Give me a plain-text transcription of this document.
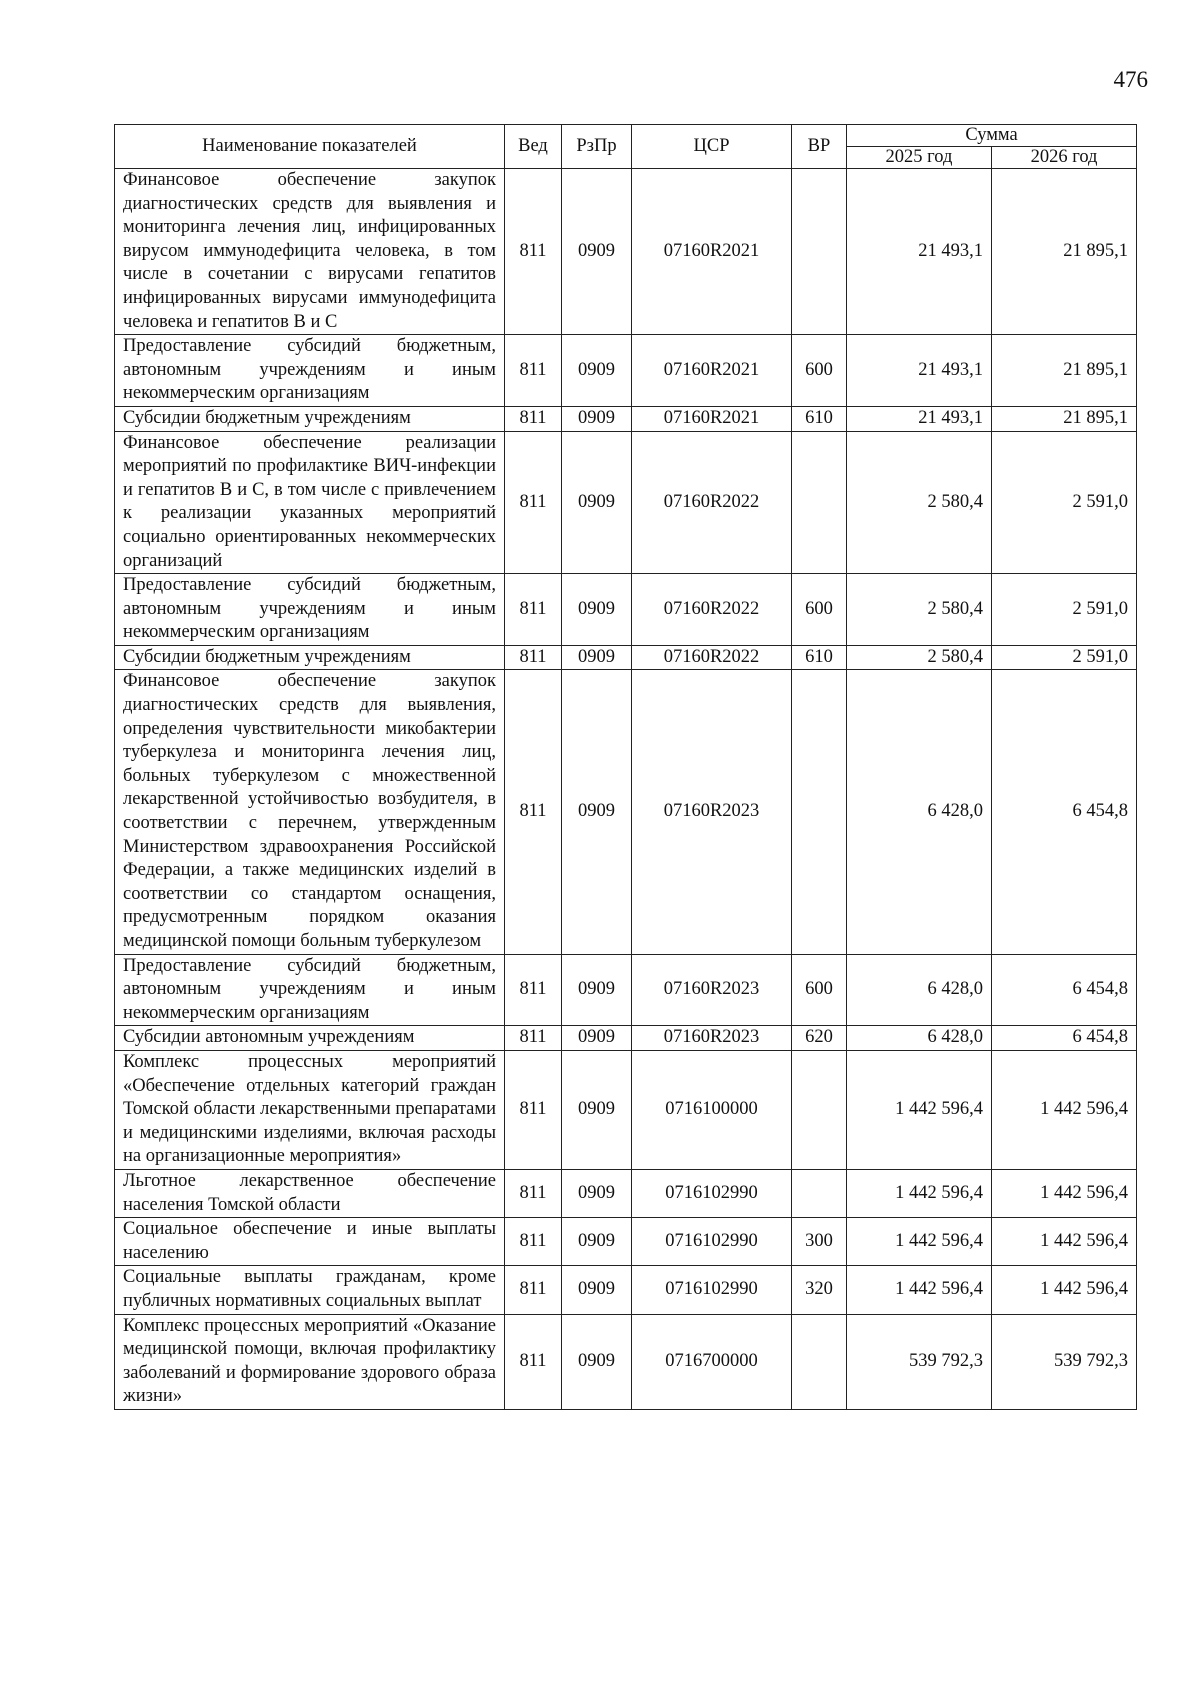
476
Наименование показателей	Вед	РзПр	ЦСР	ВР	Сумма	
					2025 год	2026 год
Финансовое обеспечение закупок диагностических средств для выявления и мониторинга лечения лиц, инфицированных вирусом иммунодефицита человека, в том числе в сочетании с вирусами гепатитов инфицированных вирусами иммунодефицита человека и гепатитов B и C	811	0909	07160R2021		21 493,1	21 895,1
Предоставление субсидий бюджетным, автономным учреждениям и иным некоммерческим организациям	811	0909	07160R2021	600	21 493,1	21 895,1
Субсидии бюджетным учреждениям	811	0909	07160R2021	610	21 493,1	21 895,1
Финансовое обеспечение реализации мероприятий по профилактике ВИЧ-инфекции и гепатитов B и C, в том числе с привлечением к реализации указанных мероприятий социально ориентированных некоммерческих организаций	811	0909	07160R2022		2 580,4	2 591,0
Предоставление субсидий бюджетным, автономным учреждениям и иным некоммерческим организациям	811	0909	07160R2022	600	2 580,4	2 591,0
Субсидии бюджетным учреждениям	811	0909	07160R2022	610	2 580,4	2 591,0
Финансовое обеспечение закупок диагностических средств для выявления, определения чувствительности микобактерии туберкулеза и мониторинга лечения лиц, больных туберкулезом с множественной лекарственной устойчивостью возбудителя, в соответствии с перечнем, утвержденным Министерством здравоохранения Российской Федерации, а также медицинских изделий в соответствии со стандартом оснащения, предусмотренным порядком оказания медицинской помощи больным туберкулезом	811	0909	07160R2023		6 428,0	6 454,8
Предоставление субсидий бюджетным, автономным учреждениям и иным некоммерческим организациям	811	0909	07160R2023	600	6 428,0	6 454,8
Субсидии автономным учреждениям	811	0909	07160R2023	620	6 428,0	6 454,8
Комплекс процессных мероприятий «Обеспечение отдельных категорий граждан Томской области лекарственными препаратами и медицинскими изделиями, включая расходы на организационные мероприятия»	811	0909	0716100000		1 442 596,4	1 442 596,4
Льготное лекарственное обеспечение населения Томской области	811	0909	0716102990		1 442 596,4	1 442 596,4
Социальное обеспечение и иные выплаты населению	811	0909	0716102990	300	1 442 596,4	1 442 596,4
Социальные выплаты гражданам, кроме публичных нормативных социальных выплат	811	0909	0716102990	320	1 442 596,4	1 442 596,4
Комплекс процессных мероприятий «Оказание медицинской помощи, включая профилактику заболеваний и формирование здорового образа жизни»	811	0909	0716700000		539 792,3	539 792,3
